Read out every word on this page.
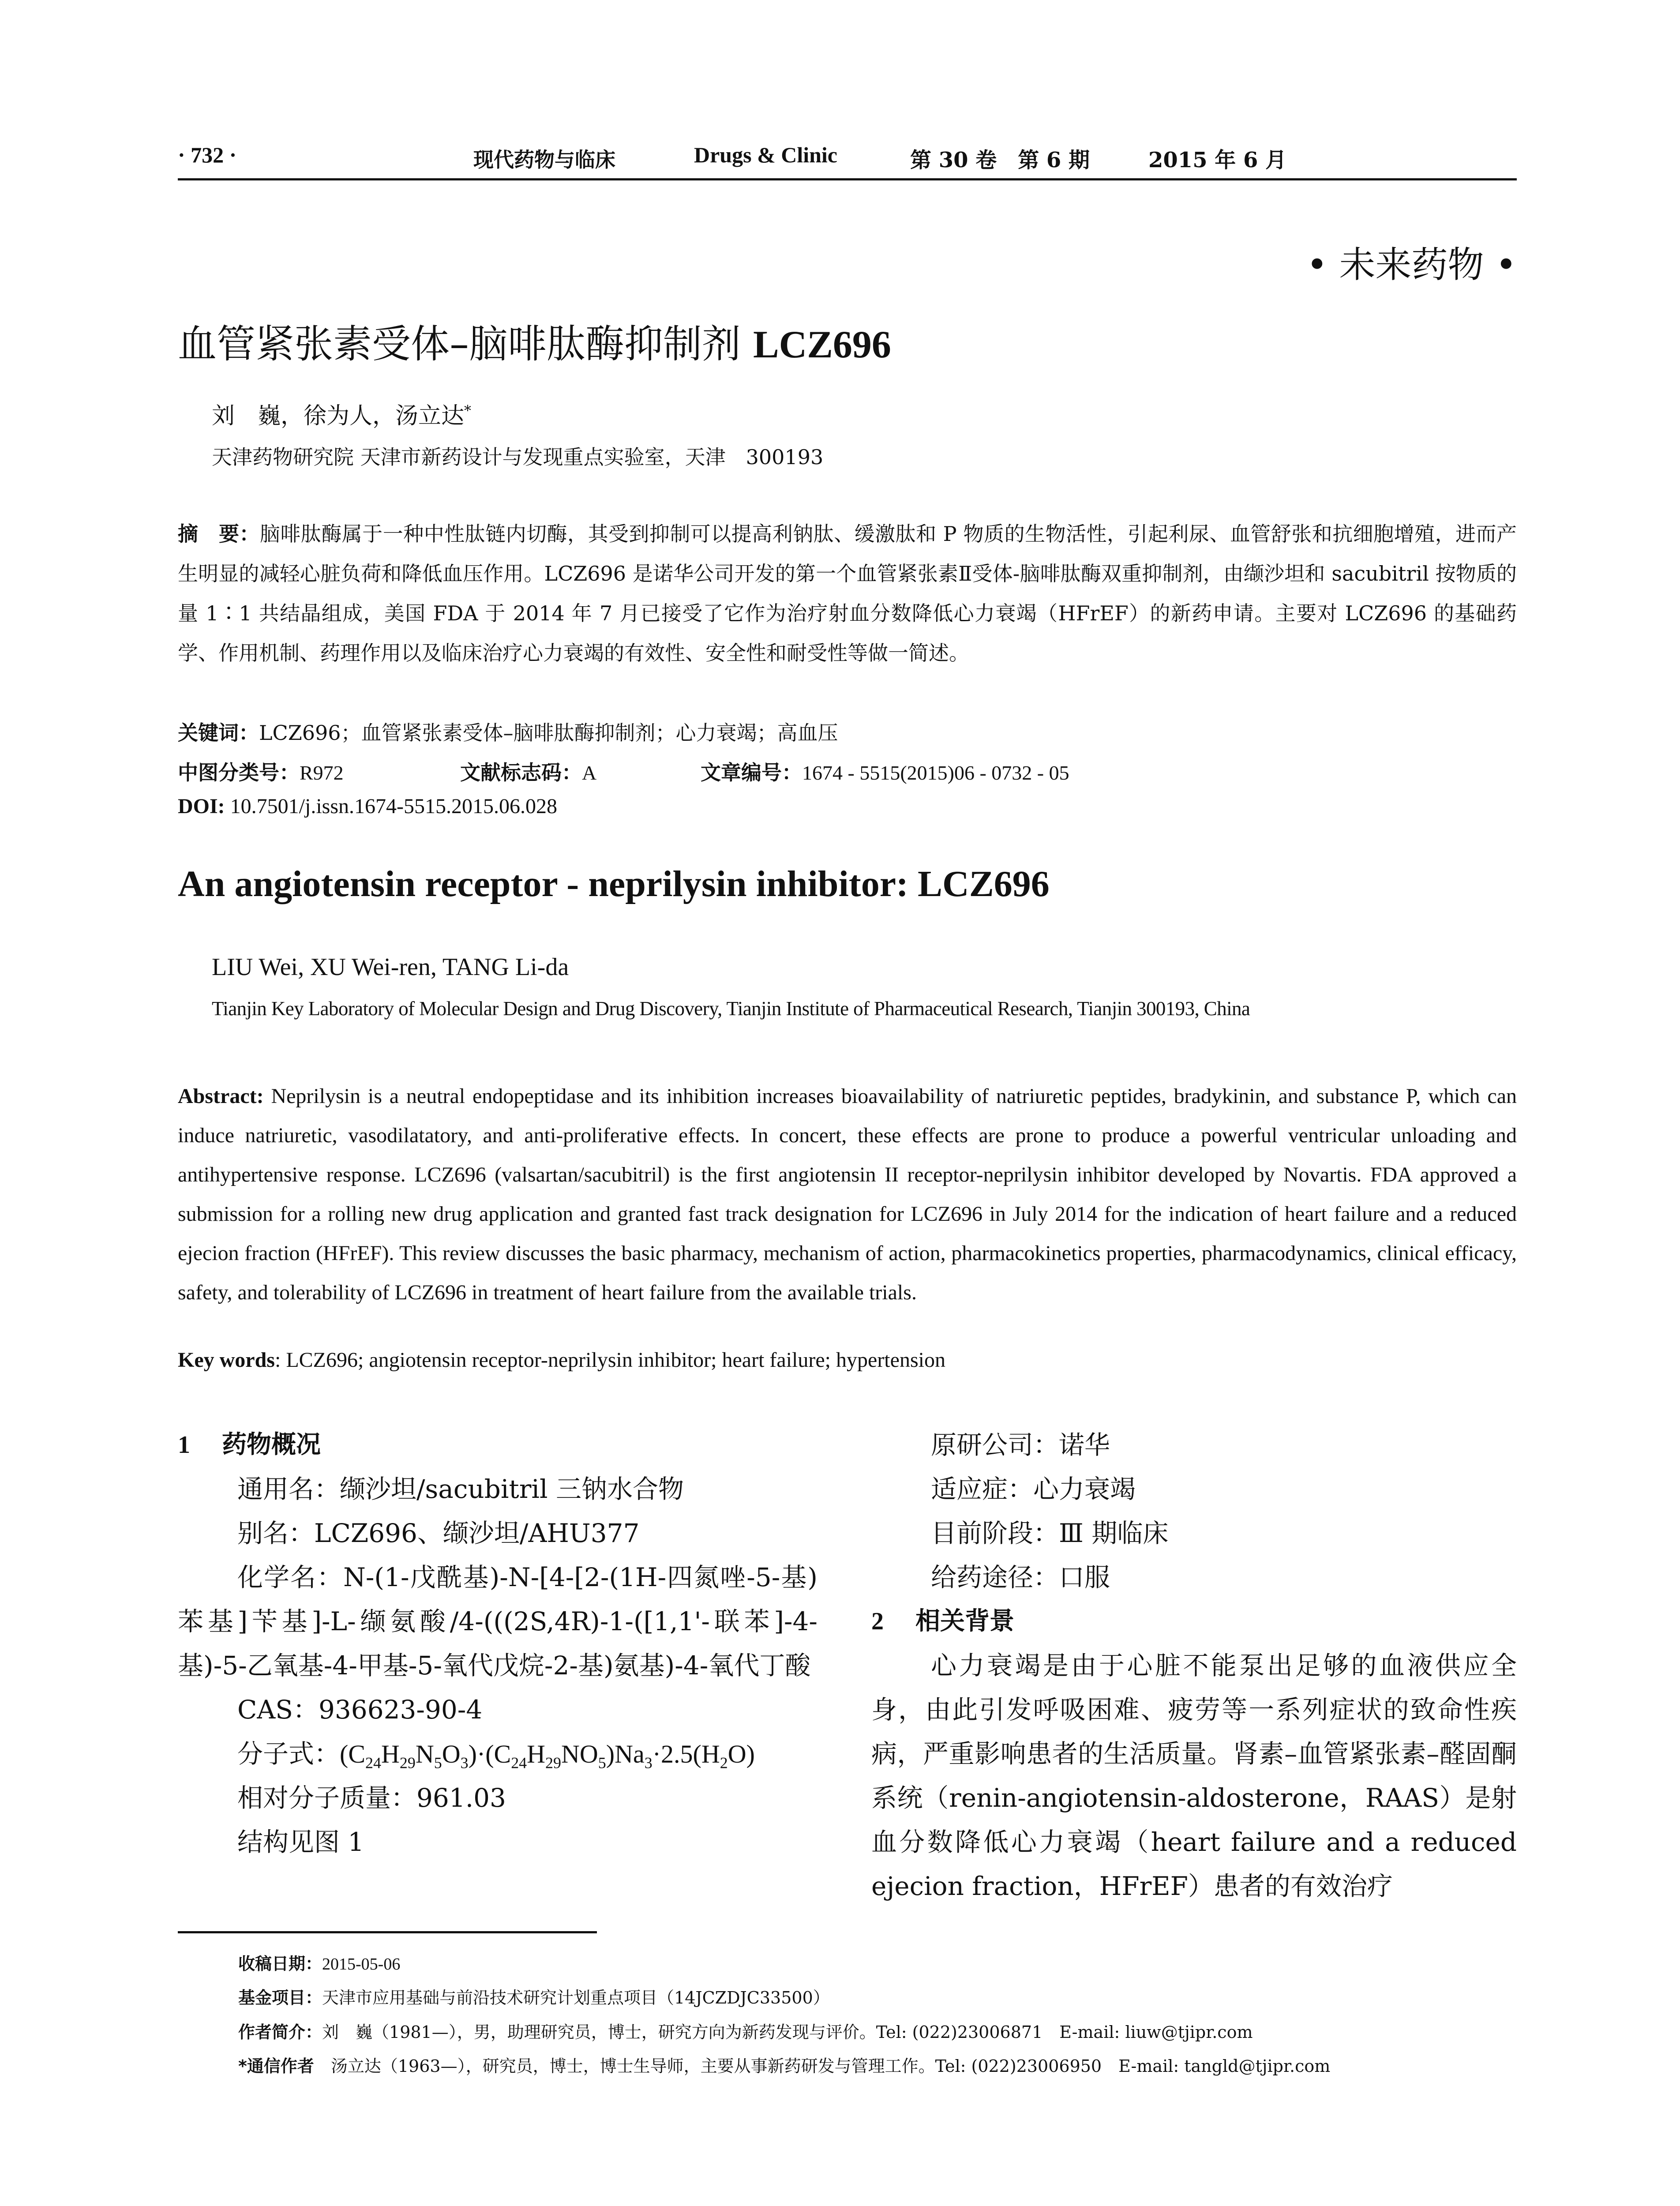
· 732 ·	现代药物与临床	Drugs & Clinic	第 30 卷　第 6 期	2015 年 6 月
• 未来药物 •
血管紧张素受体–脑啡肽酶抑制剂 LCZ696
刘　巍，徐为人，汤立达*
天津药物研究院 天津市新药设计与发现重点实验室，天津　300193
摘　要：脑啡肽酶属于一种中性肽链内切酶，其受到抑制可以提高利钠肽、缓激肽和 P 物质的生物活性，引起利尿、血管舒张和抗细胞增殖，进而产生明显的减轻心脏负荷和降低血压作用。LCZ696 是诺华公司开发的第一个血管紧张素Ⅱ受体-脑啡肽酶双重抑制剂，由缬沙坦和 sacubitril 按物质的量 1∶1 共结晶组成，美国 FDA 于 2014 年 7 月已接受了它作为治疗射血分数降低心力衰竭（HFrEF）的新药申请。主要对 LCZ696 的基础药学、作用机制、药理作用以及临床治疗心力衰竭的有效性、安全性和耐受性等做一简述。
关键词：LCZ696；血管紧张素受体–脑啡肽酶抑制剂；心力衰竭；高血压
中图分类号：R972	文献标志码：A	文章编号：1674 - 5515(2015)06 - 0732 - 05
DOI: 10.7501/j.issn.1674-5515.2015.06.028
An angiotensin receptor - neprilysin inhibitor: LCZ696
LIU Wei, XU Wei-ren, TANG Li-da
Tianjin Key Laboratory of Molecular Design and Drug Discovery, Tianjin Institute of Pharmaceutical Research, Tianjin 300193, China
Abstract: Neprilysin is a neutral endopeptidase and its inhibition increases bioavailability of natriuretic peptides, bradykinin, and substance P, which can induce natriuretic, vasodilatatory, and anti-proliferative effects. In concert, these effects are prone to produce a powerful ventricular unloading and antihypertensive response. LCZ696 (valsartan/sacubitril) is the first angiotensin II receptor-neprilysin inhibitor developed by Novartis. FDA approved a submission for a rolling new drug application and granted fast track designation for LCZ696 in July 2014 for the indication of heart failure and a reduced ejecion fraction (HFrEF). This review discusses the basic pharmacy, mechanism of action, pharmacokinetics properties, pharmacodynamics, clinical efficacy, safety, and tolerability of LCZ696 in treatment of heart failure from the available trials.
Key words: LCZ696; angiotensin receptor-neprilysin inhibitor; heart failure; hypertension
1 药物概况
通用名：缬沙坦/sacubitril 三钠水合物
别名：LCZ696、缬沙坦/AHU377
化学名：N-(1-戊酰基)-N-[4-[2-(1H-四氮唑-5-基)苯基]苄基]-L-缬氨酸/4-(((2S,4R)-1-([1,1'-联苯]-4-基)-5-乙氧基-4-甲基-5-氧代戊烷-2-基)氨基)-4-氧代丁酸
CAS：936623-90-4
分子式：$(C_{24}H_{29}N_5O_3)\cdot(C_{24}H_{29}NO_5)Na_3\cdot 2.5(H_2O)$
相对分子质量：961.03
结构见图 1
原研公司：诺华
适应症：心力衰竭
目前阶段：Ⅲ 期临床
给药途径：口服
2 相关背景
心力衰竭是由于心脏不能泵出足够的血液供应全身，由此引发呼吸困难、疲劳等一系列症状的致命性疾病，严重影响患者的生活质量。肾素–血管紧张素–醛固酮系统（renin-angiotensin-aldosterone，RAAS）是射血分数降低心力衰竭（heart failure and a reduced ejecion fraction，HFrEF）患者的有效治疗
收稿日期：2015-05-06
基金项目：天津市应用基础与前沿技术研究计划重点项目（14JCZDJC33500）
作者简介：刘　巍（1981—），男，助理研究员，博士，研究方向为新药发现与评价。Tel: (022)23006871　E-mail: liuw@tjipr.com
*通信作者　汤立达（1963—），研究员，博士，博士生导师，主要从事新药研发与管理工作。Tel: (022)23006950　E-mail: tangld@tjipr.com
